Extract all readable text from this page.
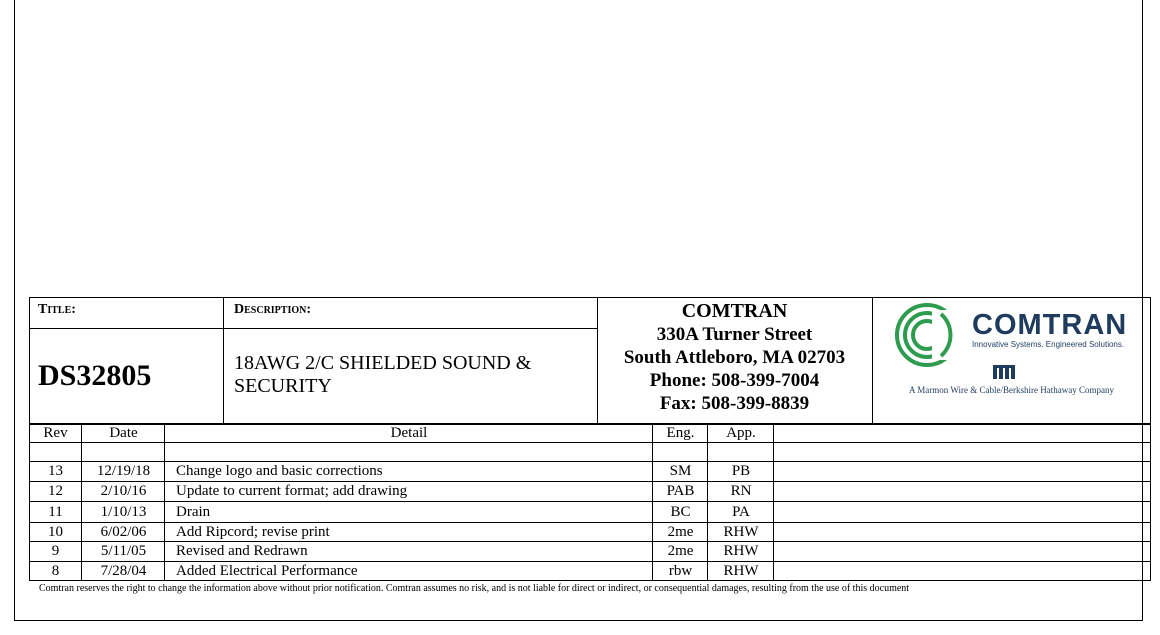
Title:	Description:
DS32805	18AWG 2/C SHIELDED SOUND & SECURITY
COMTRAN
330A Turner Street
South Attleboro, MA 02703
Phone: 508-399-7004
Fax: 508-399-8839
COMTRAN
Innovative Systems. Engineered Solutions.
A Marmon Wire & Cable/Berkshire Hathaway Company
Rev	Date	Detail	Eng.	App.
13	12/19/18	Change logo and basic corrections	SM	PB
12	2/10/16	Update to current format; add drawing	PAB	RN
11	1/10/13	Drain	BC	PA
10	6/02/06	Add Ripcord; revise print	2me	RHW
9	5/11/05	Revised and Redrawn	2me	RHW
8	7/28/04	Added Electrical Performance	rbw	RHW
Comtran reserves the right to change the information above without prior notification. Comtran assumes no risk, and is not liable for direct or indirect, or consequential damages, resulting from the use of this document
